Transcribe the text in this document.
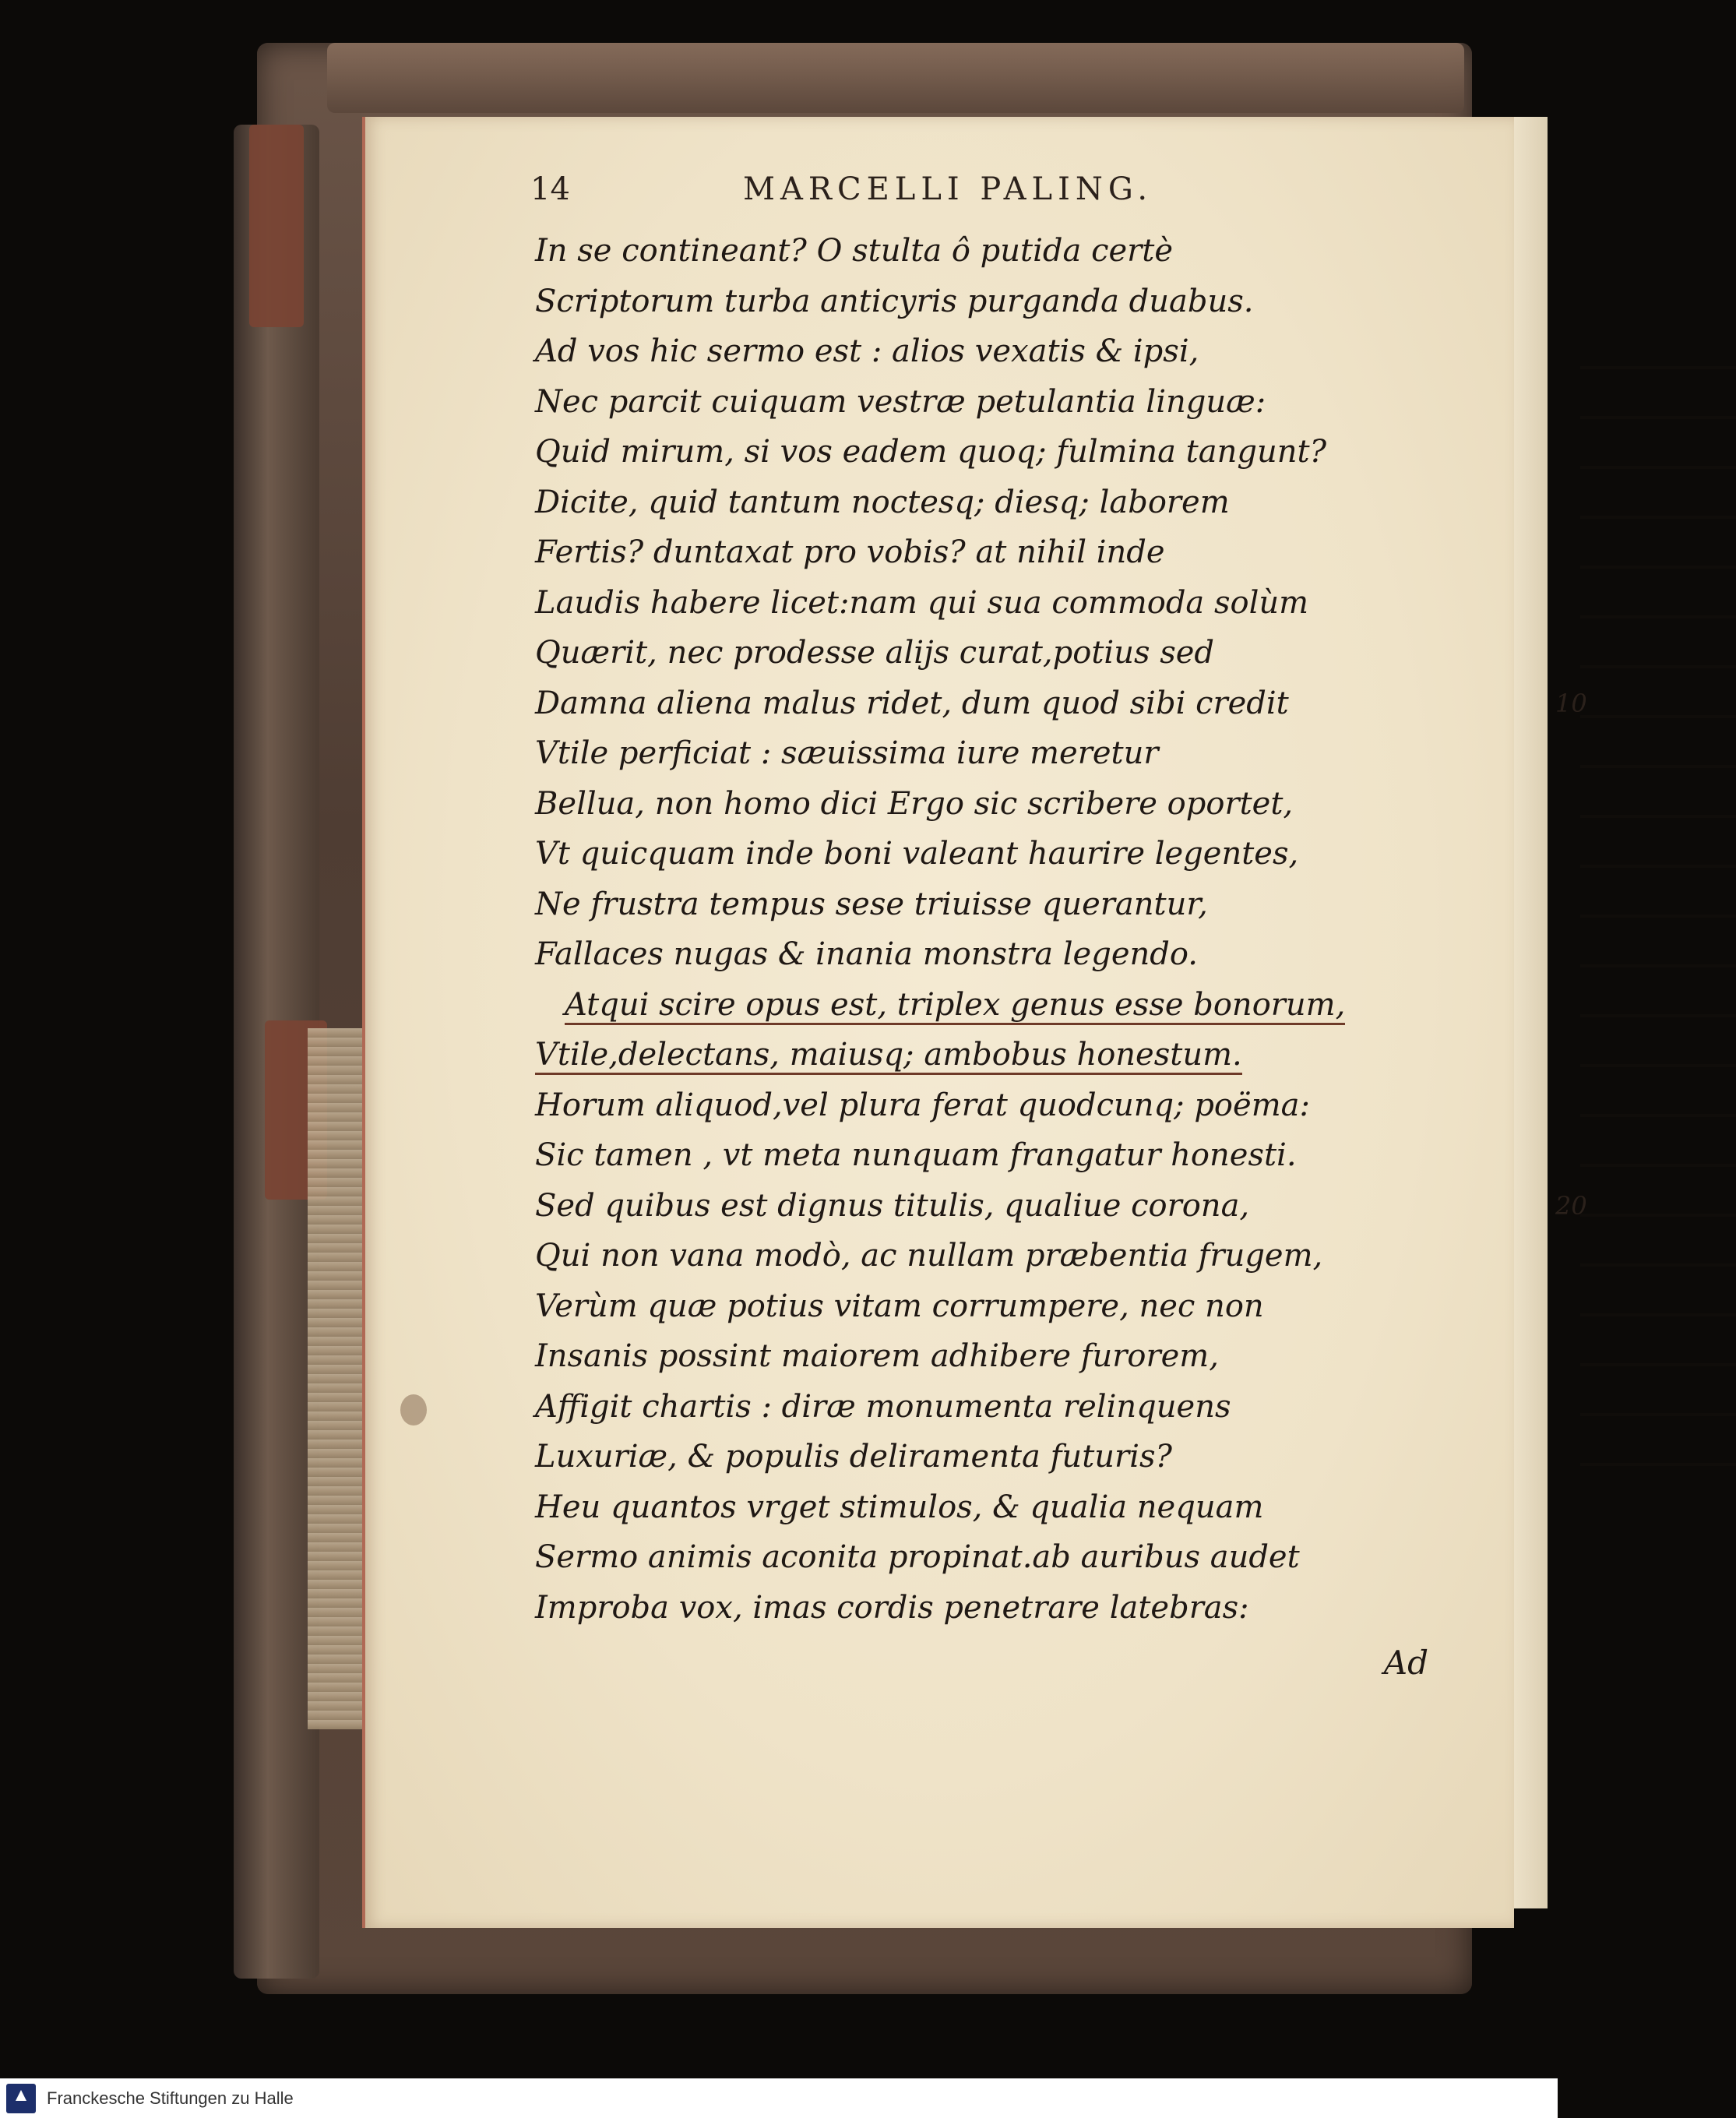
14	MARCELLI PALING.
In se contineant? O stulta ô putida certè
Scriptorum turba anticyris purganda duabus.
Ad vos hic sermo est : alios vexatis & ipsi,
Nec parcit cuiquam vestræ petulantia linguæ:
Quid mirum, si vos eadem quoq; fulmina tangunt?
Dicite, quid tantum noctesq; diesq; laborem
Fertis? duntaxat pro vobis? at nihil inde
Laudis habere licet:nam qui sua commoda solùm
Quærit, nec prodesse alijs curat,potius sed
Damna aliena malus ridet, dum quod sibi credit	10
Vtile perficiat : sæuissima iure meretur
Bellua, non homo dici Ergo sic scribere oportet,
Vt quicquam inde boni valeant haurire legentes,
Ne frustra tempus sese triuisse querantur,
Fallaces nugas & inania monstra legendo.
Atqui scire opus est, triplex genus esse bonorum,
Vtile,delectans, maiusq; ambobus honestum.
Horum aliquod,vel plura ferat quodcunq; poëma:
Sic tamen , vt meta nunquam frangatur honesti.
Sed quibus est dignus titulis, qualiue corona,	20
Qui non vana modò, ac nullam præbentia frugem,
Verùm quæ potius vitam corrumpere, nec non
Insanis possint maiorem adhibere furorem,
Affigit chartis : diræ monumenta relinquens
Luxuriæ, & populis deliramenta futuris?
Heu quantos vrget stimulos, & qualia nequam
Sermo animis aconita propinat.ab auribus audet
Improba vox, imas cordis penetrare latebras:
Ad
Franckesche Stiftungen zu Halle
